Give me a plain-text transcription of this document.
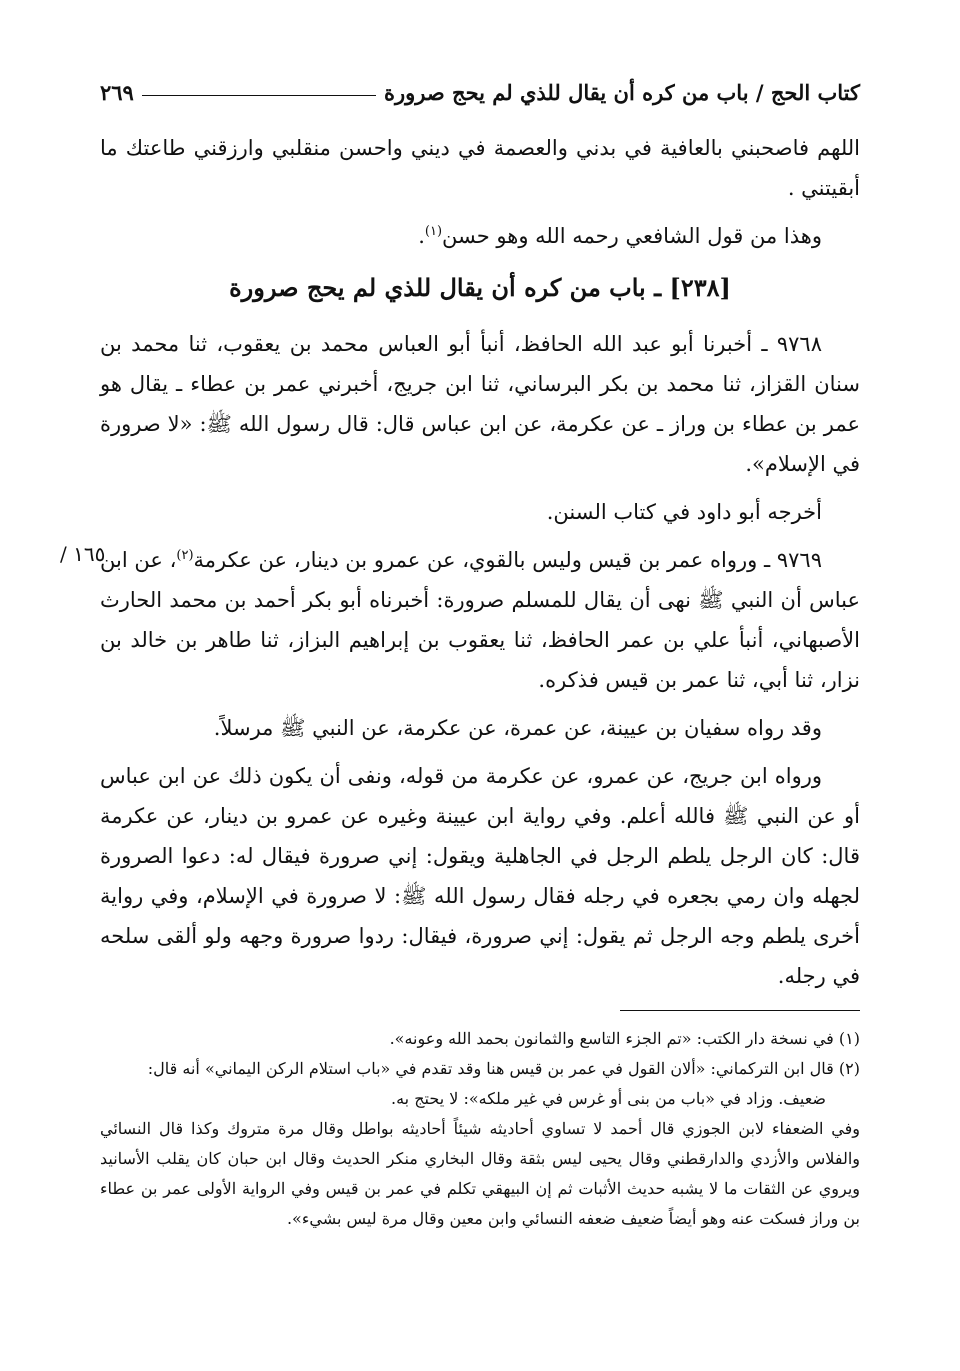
كتاب الحج / باب من كره أن يقال للذي لم يحج صرورة
٢٦٩
١٦٥ /

اللهم فاصحبني بالعافية في بدني والعصمة في ديني واحسن منقلبي وارزقني طاعتك ما أبقيتني .

وهذا من قول الشافعي رحمه الله وهو حسن$^{(١)}$.

[٢٣٨] ـ باب من كره أن يقال للذي لم يحج صرورة

٩٧٦٨ ـ أخبرنا أبو عبد الله الحافظ، أنبأ أبو العباس محمد بن يعقوب، ثنا محمد بن سنان القزاز، ثنا محمد بن بكر البرساني، ثنا ابن جريج، أخبرني عمر بن عطاء ـ يقال هو عمر بن عطاء بن وراز ـ عن عكرمة، عن ابن عباس قال: قال رسول الله ﷺ: «لا صرورة في الإسلام».

أخرجه أبو داود في كتاب السنن.

٩٧٦٩ ـ ورواه عمر بن قيس وليس بالقوي، عن عمرو بن دينار، عن عكرمة$^{(٢)}$، عن ابن عباس أن النبي ﷺ نهى أن يقال للمسلم صرورة: أخبرناه أبو بكر أحمد بن محمد الحارث الأصبهاني، أنبأ علي بن عمر الحافظ، ثنا يعقوب بن إبراهيم البزاز، ثنا طاهر بن خالد بن نزار، ثنا أبي، ثنا عمر بن قيس فذكره.

وقد رواه سفيان بن عيينة، عن عمرة، عن عكرمة، عن النبي ﷺ مرسلاً.

ورواه ابن جريج، عن عمرو، عن عكرمة من قوله، ونفى أن يكون ذلك عن ابن عباس أو عن النبي ﷺ فالله أعلم. وفي رواية ابن عيينة وغيره عن عمرو بن دينار، عن عكرمة قال: كان الرجل يلطم الرجل في الجاهلية ويقول: إني صرورة فيقال له: دعوا الصرورة لجهله وان رمي بجعره في رجله فقال رسول الله ﷺ: لا صرورة في الإسلام، وفي رواية أخرى يلطم وجه الرجل ثم يقول: إني صرورة، فيقال: ردوا صرورة وجهه ولو ألقى سلحه في رجله.

(١) في نسخة دار الكتب: «تم الجزء التاسع والثمانون بحمد الله وعونه».

(٢) قال ابن التركماني: «ألان القول في عمر بن قيس هنا وقد تقدم في «باب استلام الركن اليماني» أنه قال:

ضعيف. وزاد في «باب من بنى أو غرس في غير ملكه»: لا يحتج به.

وفي الضعفاء لابن الجوزي قال أحمد لا تساوي أحاديثه شيئاً أحاديثه بواطل وقال مرة متروك وكذا قال النسائي والفلاس والأزدي والدارقطني وقال يحيى ليس بثقة وقال البخاري منكر الحديث وقال ابن حبان كان يقلب الأسانيد ويروي عن الثقات ما لا يشبه حديث الأثبات ثم إن البيهقي تكلم في عمر بن قيس وفي الرواية الأولى عمر بن عطاء بن وراز فسكت عنه وهو أيضاً ضعيف ضعفه النسائي وابن معين وقال مرة ليس بشيء».
